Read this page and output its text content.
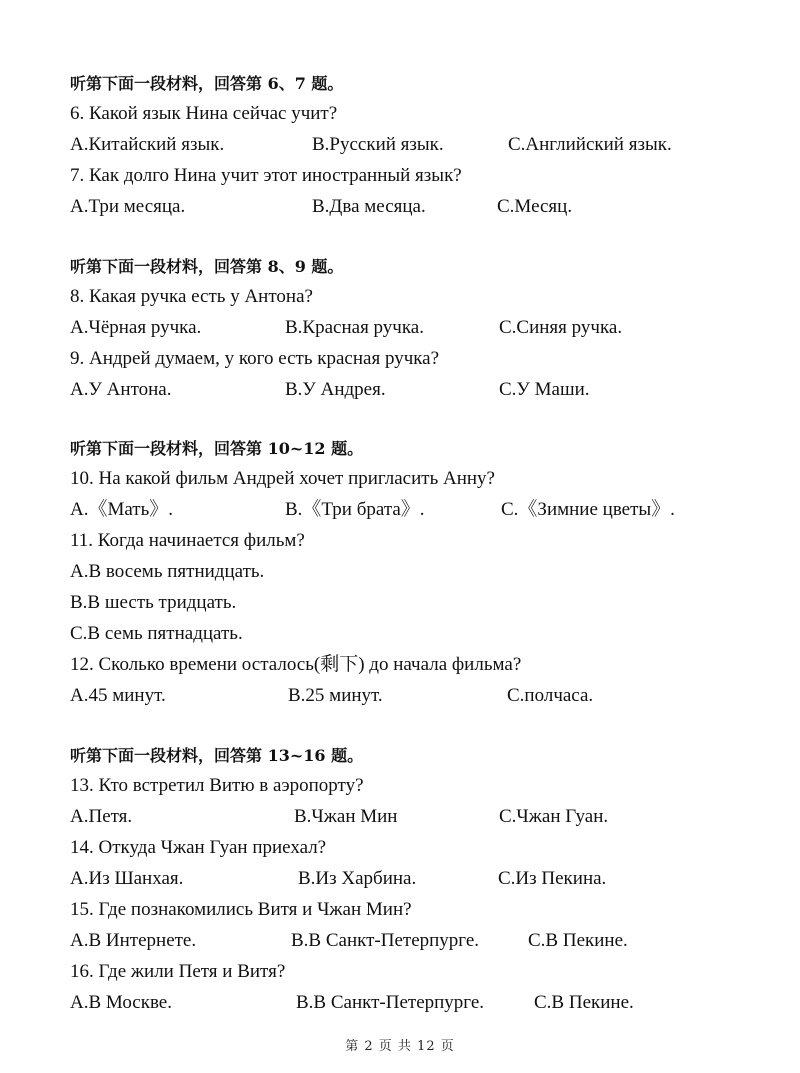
听第下面一段材料，回答第 6、7 题。
6. Какой язык Нина сейчас учит?
A.Китайский язык.	B.Русский язык.	C.Английский язык.
7. Как долго Нина учит этот иностранный язык?
A.Три месяца.	B.Два месяца.	C.Месяц.
听第下面一段材料，回答第 8、9 题。
8. Какая ручка есть у Антона?
A.Чёрная ручка.	B.Красная ручка.	C.Синяя ручка.
9. Андрей думаем, у кого есть красная ручка?
A.У Антона.	B.У Андрея.	C.У Маши.
听第下面一段材料，回答第 10~12 题。
10. На какой фильм Андрей хочет пригласить Анну?
A.《Мать》.	B.《Три брата》.	C.《Зимние цветы》.
11. Когда начинается фильм?
A.В восемь пятнидцать.
B.В шесть тридцать.
C.В семь пятнадцать.
12. Сколько времени осталось(剩下) до начала фильма?
A.45 минут.	B.25 минут.	C.полчаса.
听第下面一段材料，回答第 13~16 题。
13. Кто встретил Витю в аэропорту?
A.Петя.	B.Чжан Мин	C.Чжан Гуан.
14. Откуда Чжан Гуан приехал?
A.Из Шанхая.	B.Из Харбина.	C.Из Пекина.
15. Где познакомились Витя и Чжан Мин?
A.В Интернете.	B.В Санкт-Петерпурге.	C.В Пекине.
16. Где жили Петя и Витя?
A.В Москве.	B.В Санкт-Петерпурге.	C.В Пекине.
第 2 页 共 12 页
